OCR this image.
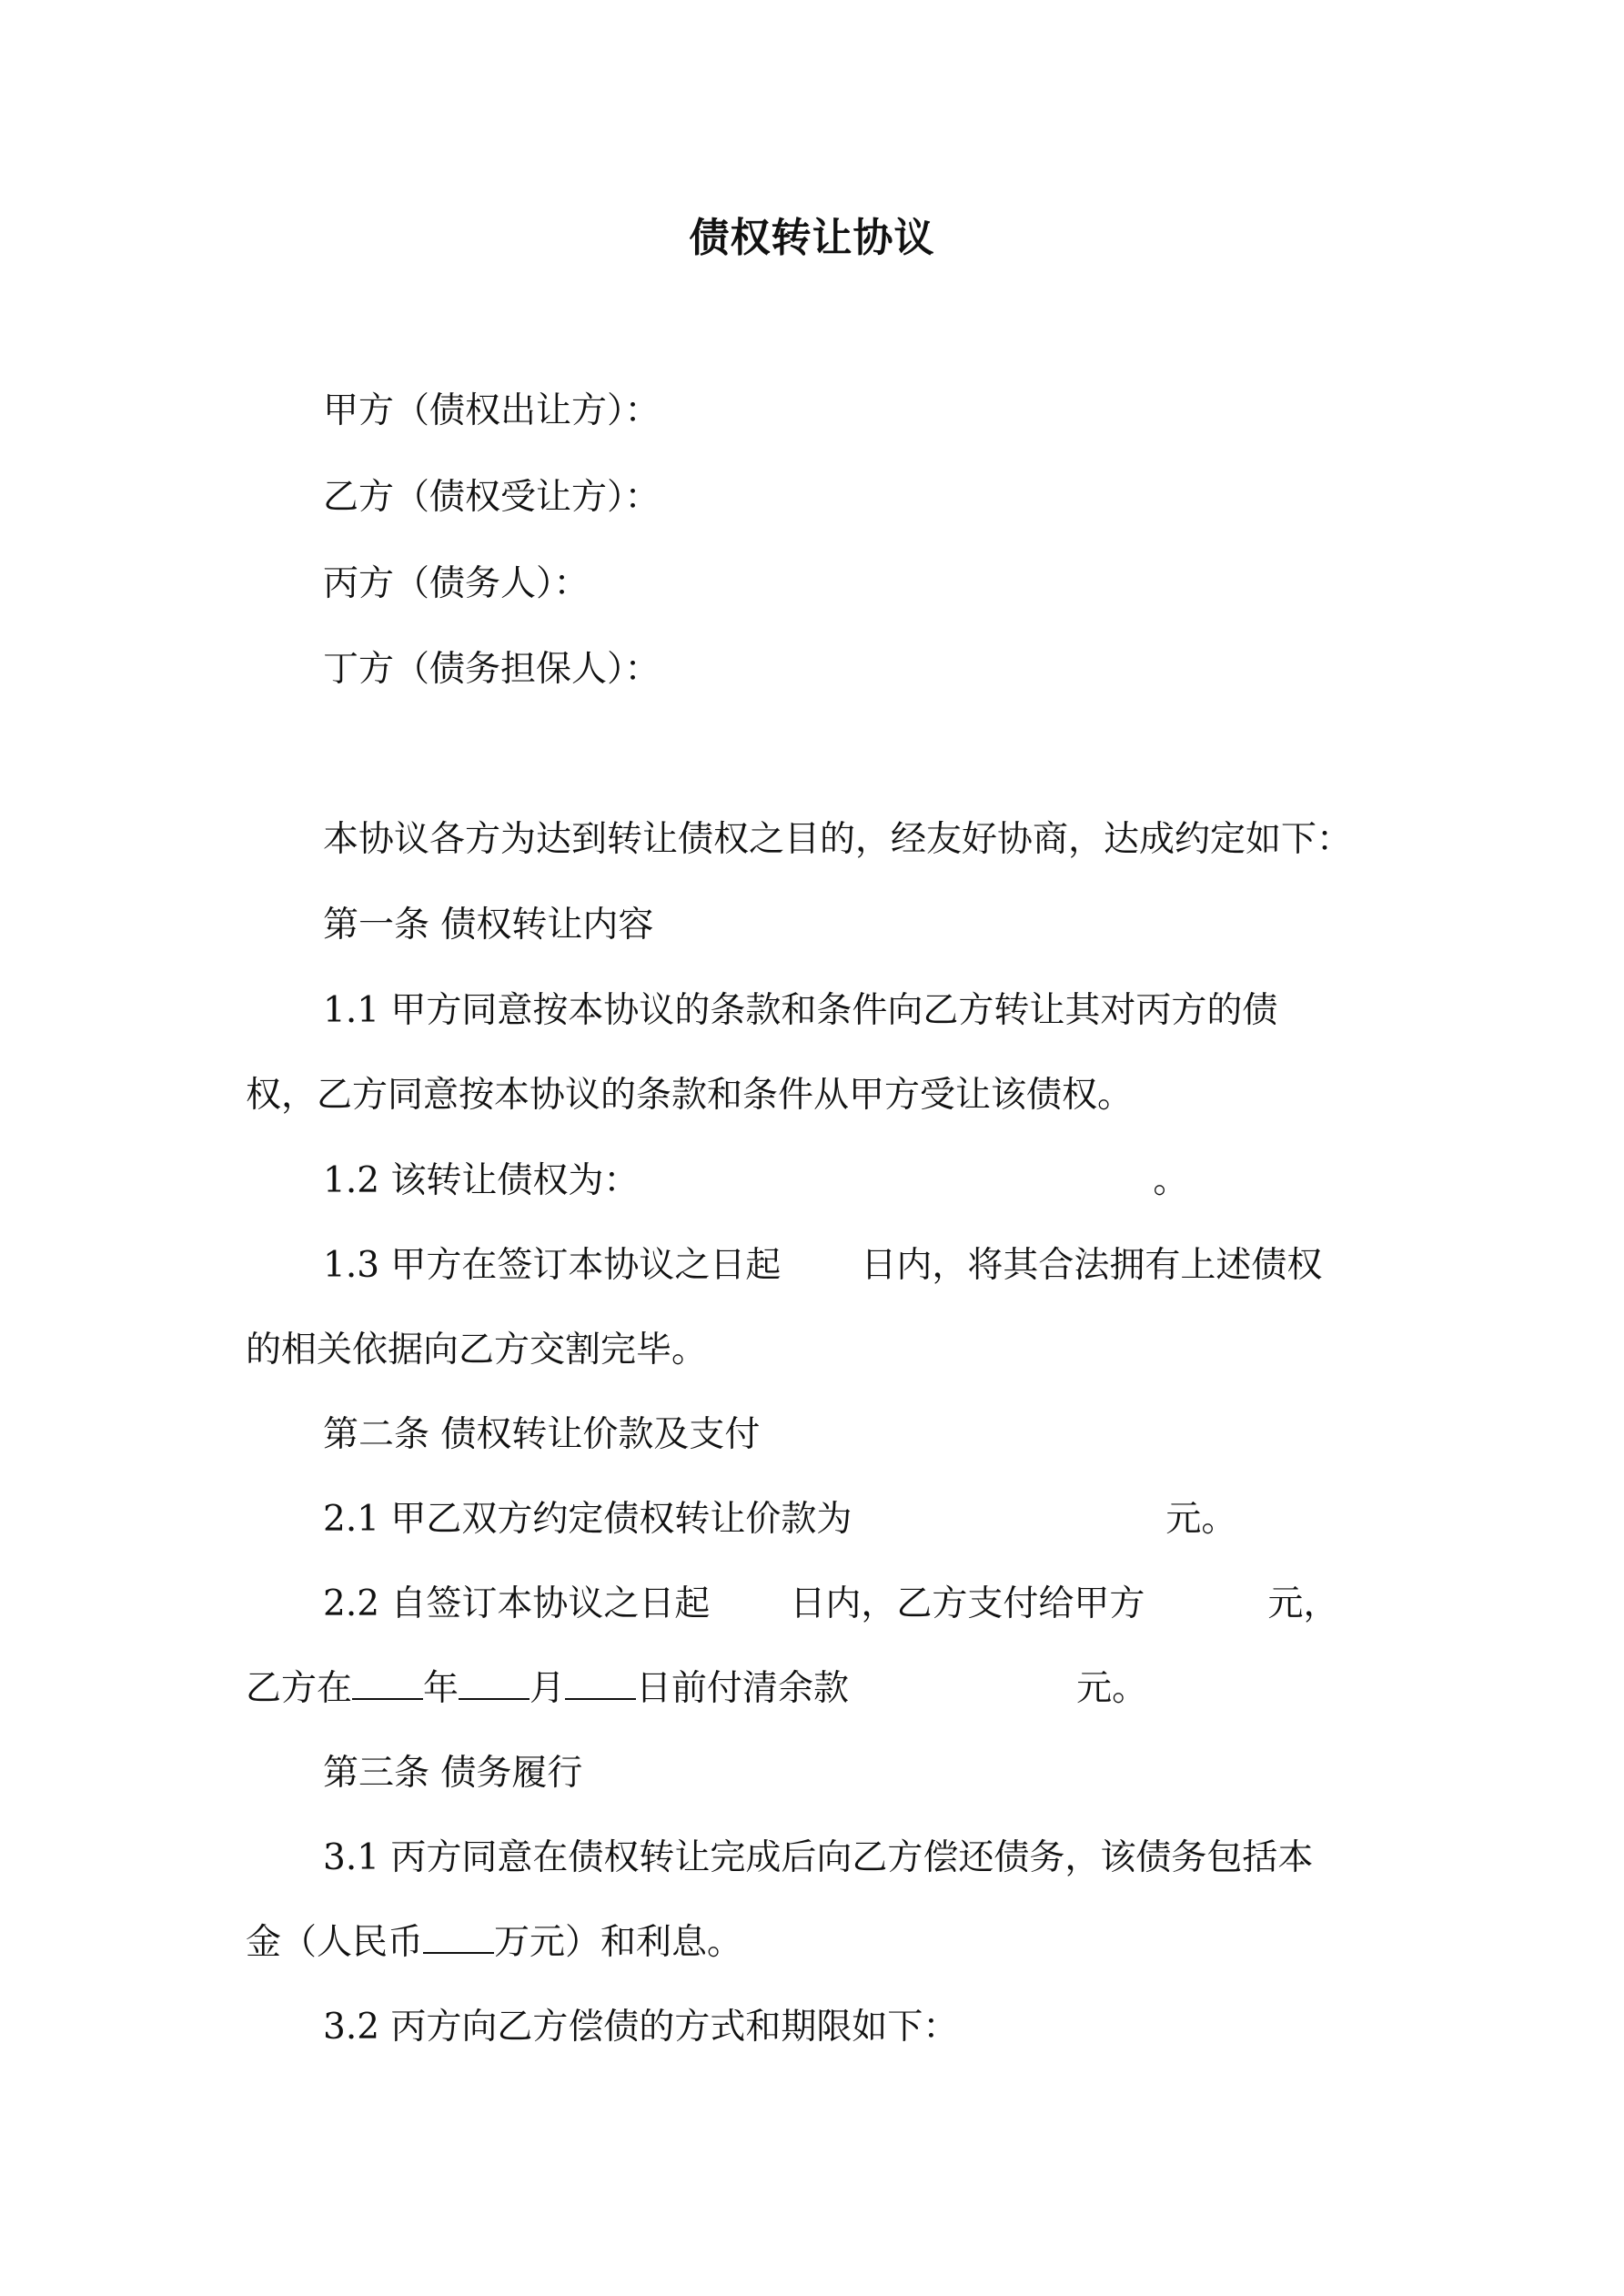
债权转让协议
甲方（债权出让方）：
乙方（债权受让方）：
丙方（债务人）：
丁方（债务担保人）：
本协议各方为达到转让债权之目的，经友好协商，达成约定如下：
第一条 债权转让内容
1.1 甲方同意按本协议的条款和条件向乙方转让其对丙方的债
权，乙方同意按本协议的条款和条件从甲方受让该债权。
1.2 该转让债权为：	。
1.3 甲方在签订本协议之日起 日内，将其合法拥有上述债权
的相关依据向乙方交割完毕。
第二条 债权转让价款及支付
2.1 甲乙双方约定债权转让价款为	元。
2.2 自签订本协议之日起 日内，乙方支付给甲方	元，
乙方在 年 月 日前付清余款	元。
第三条 债务履行
3.1 丙方同意在债权转让完成后向乙方偿还债务，该债务包括本
金（人民币 万元）和利息。
3.2 丙方向乙方偿债的方式和期限如下：
